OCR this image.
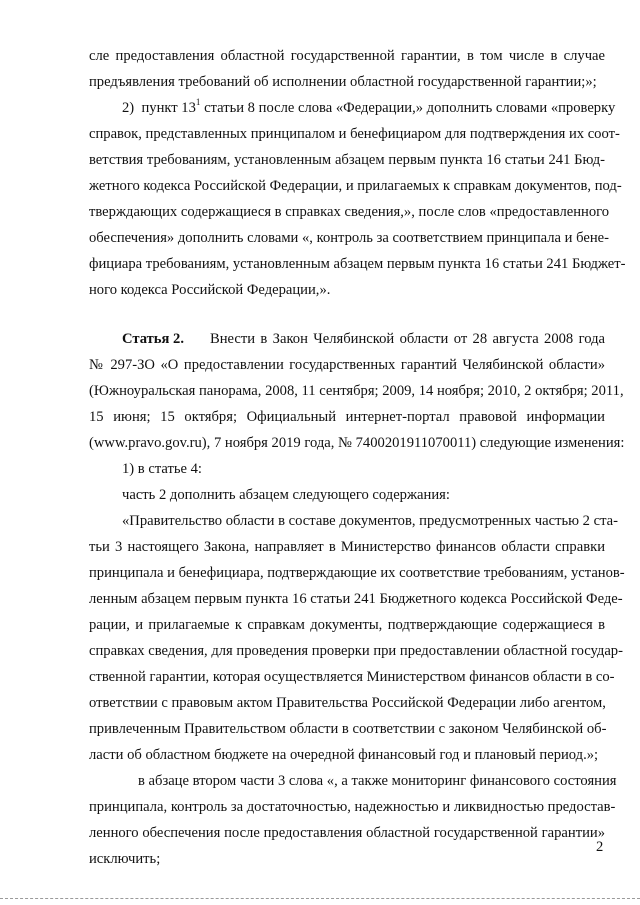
сле предоставления областной государственной гарантии, в том числе в случае
предъявления требований об исполнении областной государственной гарантии;»;
2) пункт $13^1$ статьи 8 после слова «Федерации,» дополнить словами «проверку
справок, представленных принципалом и бенефициаром для подтверждения их соот-
ветствия требованиям, установленным абзацем первым пункта 16 статьи 241 Бюд-
жетного кодекса Российской Федерации, и прилагаемых к справкам документов, под-
тверждающих содержащиеся в справках сведения,», после слов «предоставленного
обеспечения» дополнить словами «, контроль за соответствием принципала и бене-
фициара требованиям, установленным абзацем первым пункта 16 статьи 241 Бюджет-
ного кодекса Российской Федерации,».
Статья 2. Внести в Закон Челябинской области от 28 августа 2008 года
№ 297-ЗО «О предоставлении государственных гарантий Челябинской области»
(Южноуральская панорама, 2008, 11 сентября; 2009, 14 ноября; 2010, 2 октября; 2011,
15 июня; 15 октября; Официальный интернет-портал правовой информации
(www.pravo.gov.ru), 7 ноября 2019 года, № 7400201911070011) следующие изменения:
1) в статье 4:
часть 2 дополнить абзацем следующего содержания:
«Правительство области в составе документов, предусмотренных частью 2 ста-
тьи 3 настоящего Закона, направляет в Министерство финансов области справки
принципала и бенефициара, подтверждающие их соответствие требованиям, установ-
ленным абзацем первым пункта 16 статьи 241 Бюджетного кодекса Российской Феде-
рации, и прилагаемые к справкам документы, подтверждающие содержащиеся в
справках сведения, для проведения проверки при предоставлении областной государ-
ственной гарантии, которая осуществляется Министерством финансов области в со-
ответствии с правовым актом Правительства Российской Федерации либо агентом,
привлеченным Правительством области в соответствии с законом Челябинской об-
ласти об областном бюджете на очередной финансовый год и плановый период.»;
в абзаце втором части 3 слова «, а также мониторинг финансового состояния
принципала, контроль за достаточностью, надежностью и ликвидностью предостав-
ленного обеспечения после предоставления областной государственной гарантии»
исключить;
2
